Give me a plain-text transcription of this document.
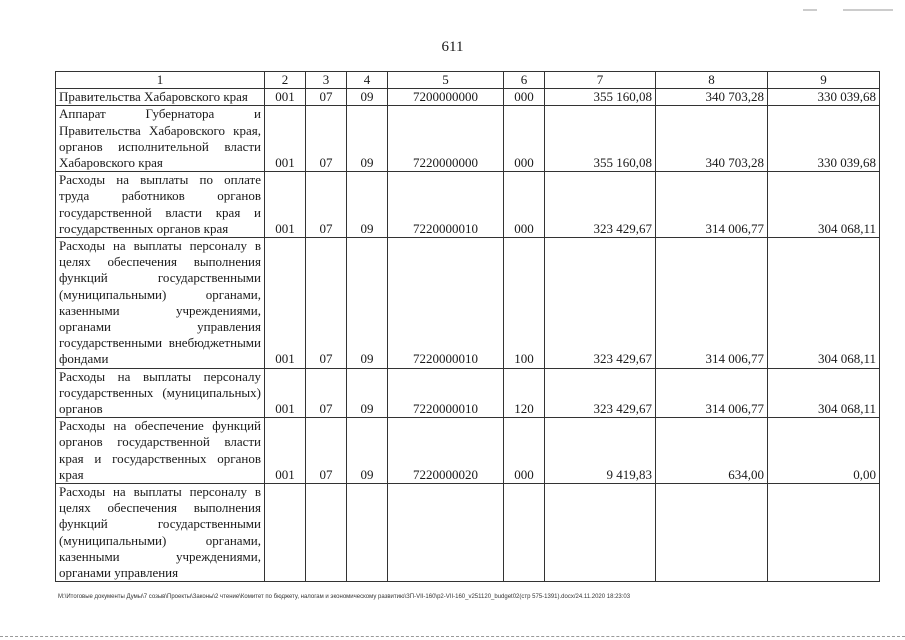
611
1	2	3	4	5	6	7	8	9
Правительства Хабаровского края	001	07	09	7200000000	000	355 160,08	340 703,28	330 039,68
Аппарат Губернатора и Правительства Хабаровского края, органов исполнительной власти Хабаровского края	001	07	09	7220000000	000	355 160,08	340 703,28	330 039,68
Расходы на выплаты по оплате труда работников органов государственной власти края и государственных органов края	001	07	09	7220000010	000	323 429,67	314 006,77	304 068,11
Расходы на выплаты персоналу в целях обеспечения выполнения функций государственными (муниципальными) органами, казенными учреждениями, органами управления государственными внебюджетными фондами	001	07	09	7220000010	100	323 429,67	314 006,77	304 068,11
Расходы на выплаты персоналу государственных (муниципальных) органов	001	07	09	7220000010	120	323 429,67	314 006,77	304 068,11
Расходы на обеспечение функций органов государственной власти края и государственных органов края	001	07	09	7220000020	000	9 419,83	634,00	0,00
Расходы на выплаты персоналу в целях обеспечения выполнения функций государственными (муниципальными) органами, казенными учреждениями, органами управления								
M:\Итоговые документы Думы\7 созыв\Проекты\Законы\2 чтение\Комитет по бюджету, налогам и экономическому развитию\ЗП-VII-160\р2-VII-160_v251120_budget02(стр 575-1391).docx/24.11.2020 18:23:03
